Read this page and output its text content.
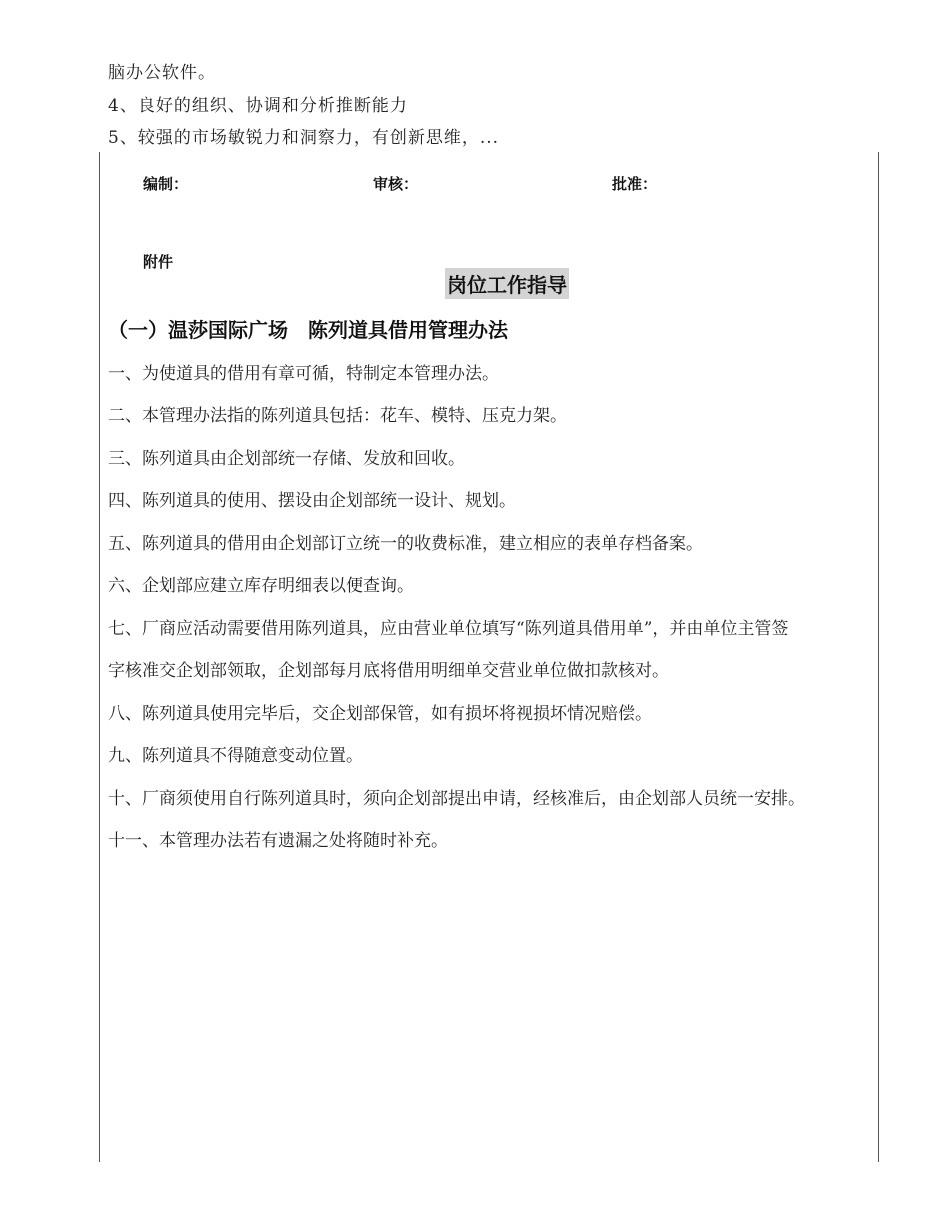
脑办公软件。
4、良好的组织、协调和分析推断能力
5、较强的市场敏锐力和洞察力，有创新思维，...
编制：	审核：	批准：
附件
岗位工作指导
（一）温莎国际广场　陈列道具借用管理办法
一、为使道具的借用有章可循，特制定本管理办法。
二、本管理办法指的陈列道具包括：花车、模特、压克力架。
三、陈列道具由企划部统一存储、发放和回收。
四、陈列道具的使用、摆设由企划部统一设计、规划。
五、陈列道具的借用由企划部订立统一的收费标准，建立相应的表单存档备案。
六、企划部应建立库存明细表以便查询。
七、厂商应活动需要借用陈列道具，应由营业单位填写“陈列道具借用单”，并由单位主管签
字核准交企划部领取，企划部每月底将借用明细单交营业单位做扣款核对。
八、陈列道具使用完毕后，交企划部保管，如有损坏将视损坏情况赔偿。
九、陈列道具不得随意变动位置。
十、厂商须使用自行陈列道具时，须向企划部提出申请，经核准后，由企划部人员统一安排。
十一、本管理办法若有遗漏之处将随时补充。
